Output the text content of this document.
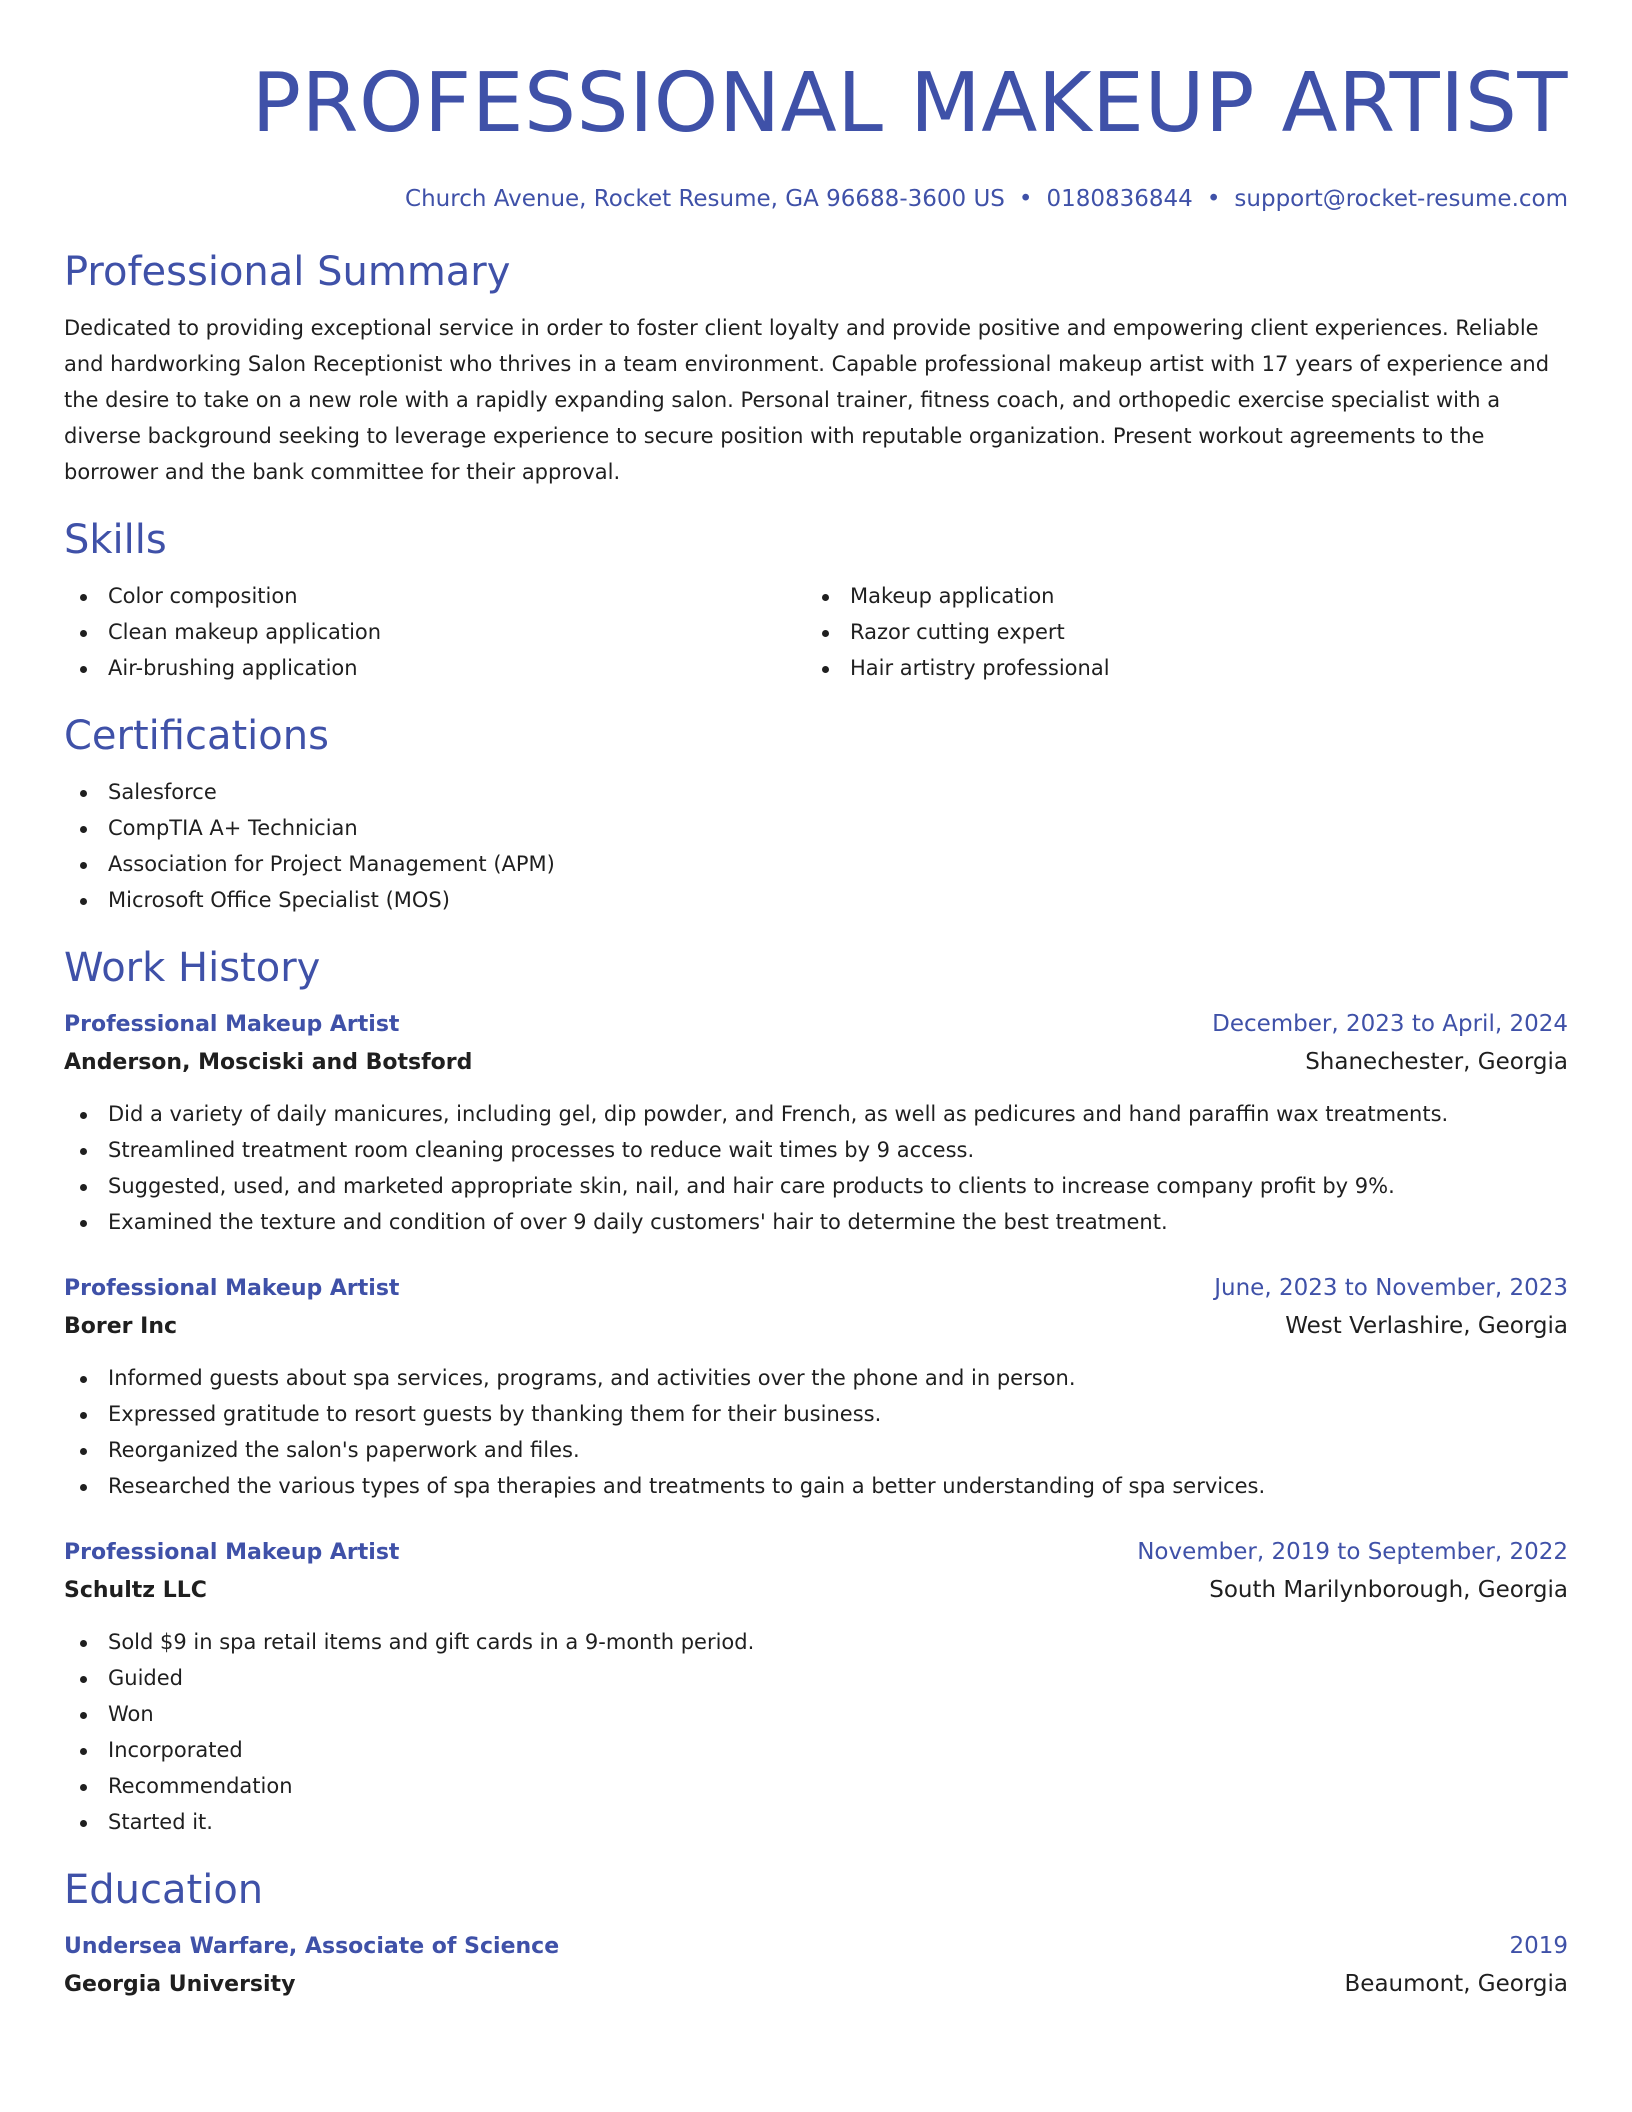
PROFESSIONAL MAKEUP ARTIST
Church Avenue, Rocket Resume, GA 96688-3600 US • 0180836844 • support@rocket-resume.com
Professional Summary

Dedicated to providing exceptional service in order to foster client loyalty and provide positive and empowering client experiences. Reliable and hardworking Salon Receptionist who thrives in a team environment. Capable professional makeup artist with 17 years of experience and the desire to take on a new role with a rapidly expanding salon. Personal trainer, fitness coach, and orthopedic exercise specialist with a diverse background seeking to leverage experience to secure position with reputable organization. Present workout agreements to the borrower and the bank committee for their approval.

Skills
Color composition
Clean makeup application
Air-brushing application
Makeup application
Razor cutting expert
Hair artistry professional
Certifications
Salesforce
CompTIA A+ Technician
Association for Project Management (APM)
Microsoft Office Specialist (MOS)
Work History
Professional Makeup Artist	December, 2023 to April, 2024
Anderson, Mosciski and Botsford	Shanechester, Georgia
Did a variety of daily manicures, including gel, dip powder, and French, as well as pedicures and hand paraffin wax treatments.
Streamlined treatment room cleaning processes to reduce wait times by 9 access.
Suggested, used, and marketed appropriate skin, nail, and hair care products to clients to increase company profit by 9%.
Examined the texture and condition of over 9 daily customers' hair to determine the best treatment.
Professional Makeup Artist	June, 2023 to November, 2023
Borer Inc	West Verlashire, Georgia
Informed guests about spa services, programs, and activities over the phone and in person.
Expressed gratitude to resort guests by thanking them for their business.
Reorganized the salon's paperwork and files.
Researched the various types of spa therapies and treatments to gain a better understanding of spa services.
Professional Makeup Artist	November, 2019 to September, 2022
Schultz LLC	South Marilynborough, Georgia
Sold $9 in spa retail items and gift cards in a 9-month period.
Guided
Won
Incorporated
Recommendation
Started it.
Education
Undersea Warfare, Associate of Science	2019
Georgia University	Beaumont, Georgia
